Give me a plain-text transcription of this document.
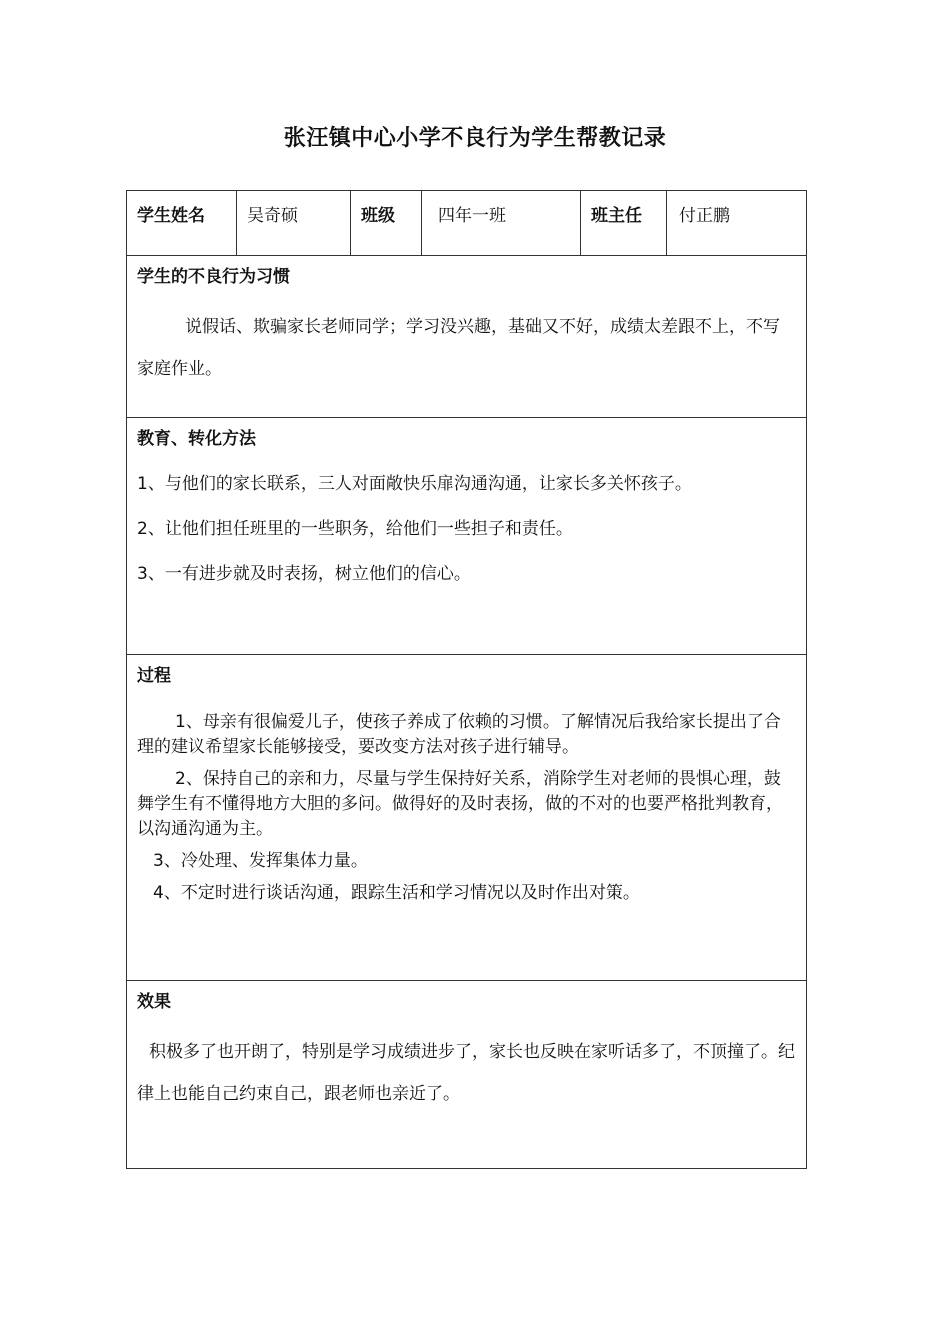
张汪镇中心小学不良行为学生帮教记录
学生姓名	吴奇硕	班级	四年一班	班主任	付正鹏

学生的不良行为习惯

说假话、欺骗家长老师同学；学习没兴趣，基础又不好，成绩太差跟不上，不写家庭作业。

教育、转化方法

1、与他们的家长联系，三人对面敞快乐扉沟通沟通，让家长多关怀孩子。

2、让他们担任班里的一些职务，给他们一些担子和责任。

3、一有进步就及时表扬，树立他们的信心。

过程

1、母亲有很偏爱儿子，使孩子养成了依赖的习惯。了解情况后我给家长提出了合理的建议希望家长能够接受，要改变方法对孩子进行辅导。

2、保持自己的亲和力，尽量与学生保持好关系，消除学生对老师的畏惧心理，鼓舞学生有不懂得地方大胆的多问。做得好的及时表扬，做的不对的也要严格批判教育，以沟通沟通为主。

3、冷处理、发挥集体力量。

4、不定时进行谈话沟通，跟踪生活和学习情况以及时作出对策。

效果

积极多了也开朗了，特别是学习成绩进步了，家长也反映在家听话多了，不顶撞了。纪律上也能自己约束自己，跟老师也亲近了。
